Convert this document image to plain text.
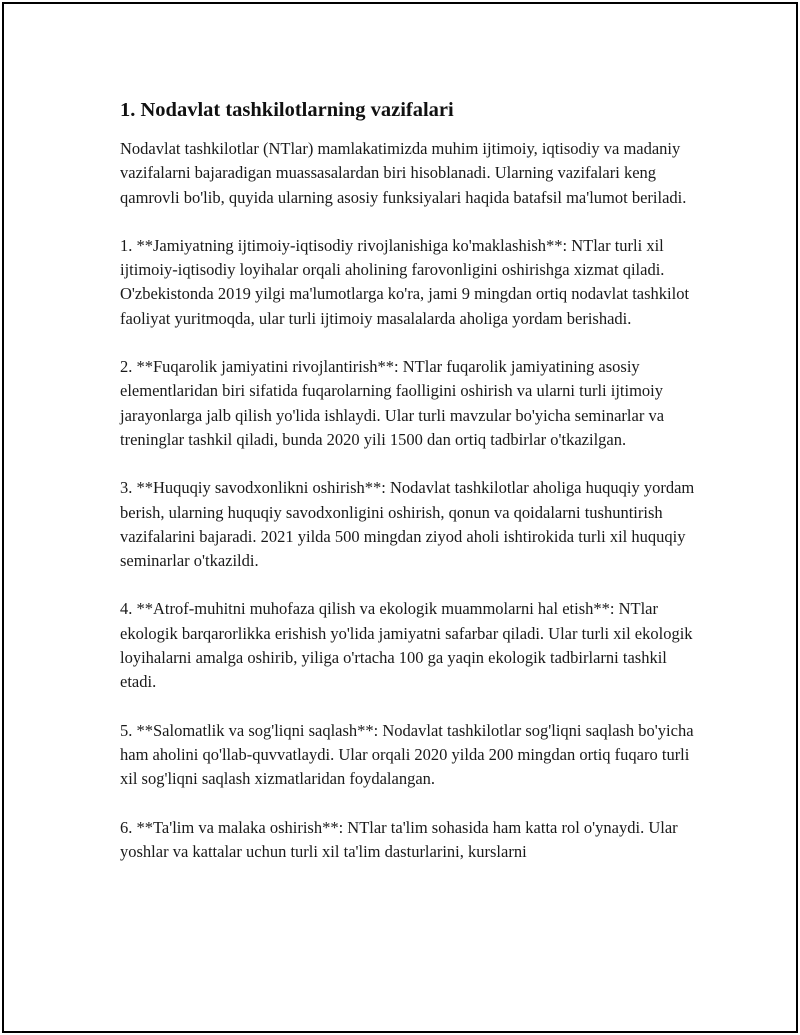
1. Nodavlat tashkilotlarning vazifalari

Nodavlat tashkilotlar (NTlar) mamlakatimizda muhim ijtimoiy, iqtisodiy va madaniy vazifalarni bajaradigan muassasalardan biri hisoblanadi. Ularning vazifalari keng qamrovli bo'lib, quyida ularning asosiy funksiyalari haqida batafsil ma'lumot beriladi.

1. **Jamiyatning ijtimoiy-iqtisodiy rivojlanishiga ko'maklashish**: NTlar turli xil ijtimoiy-iqtisodiy loyihalar orqali aholining farovonligini oshirishga xizmat qiladi. O'zbekistonda 2019 yilgi ma'lumotlarga ko'ra, jami 9 mingdan ortiq nodavlat tashkilot faoliyat yuritmoqda, ular turli ijtimoiy masalalarda aholiga yordam berishadi.

2. **Fuqarolik jamiyatini rivojlantirish**: NTlar fuqarolik jamiyatining asosiy elementlaridan biri sifatida fuqarolarning faolligini oshirish va ularni turli ijtimoiy jarayonlarga jalb qilish yo'lida ishlaydi. Ular turli mavzular bo'yicha seminarlar va treninglar tashkil qiladi, bunda 2020 yili 1500 dan ortiq tadbirlar o'tkazilgan.

3. **Huquqiy savodxonlikni oshirish**: Nodavlat tashkilotlar aholiga huquqiy yordam berish, ularning huquqiy savodxonligini oshirish, qonun va qoidalarni tushuntirish vazifalarini bajaradi. 2021 yilda 500 mingdan ziyod aholi ishtirokida turli xil huquqiy seminarlar o'tkazildi.

4. **Atrof-muhitni muhofaza qilish va ekologik muammolarni hal etish**: NTlar ekologik barqarorlikka erishish yo'lida jamiyatni safarbar qiladi. Ular turli xil ekologik loyihalarni amalga oshirib, yiliga o'rtacha 100 ga yaqin ekologik tadbirlarni tashkil etadi.

5. **Salomatlik va sog'liqni saqlash**: Nodavlat tashkilotlar sog'liqni saqlash bo'yicha ham aholini qo'llab-quvvatlaydi. Ular orqali 2020 yilda 200 mingdan ortiq fuqaro turli xil sog'liqni saqlash xizmatlaridan foydalangan.

6. **Ta'lim va malaka oshirish**: NTlar ta'lim sohasida ham katta rol o'ynaydi. Ular yoshlar va kattalar uchun turli xil ta'lim dasturlarini, kurslarni
